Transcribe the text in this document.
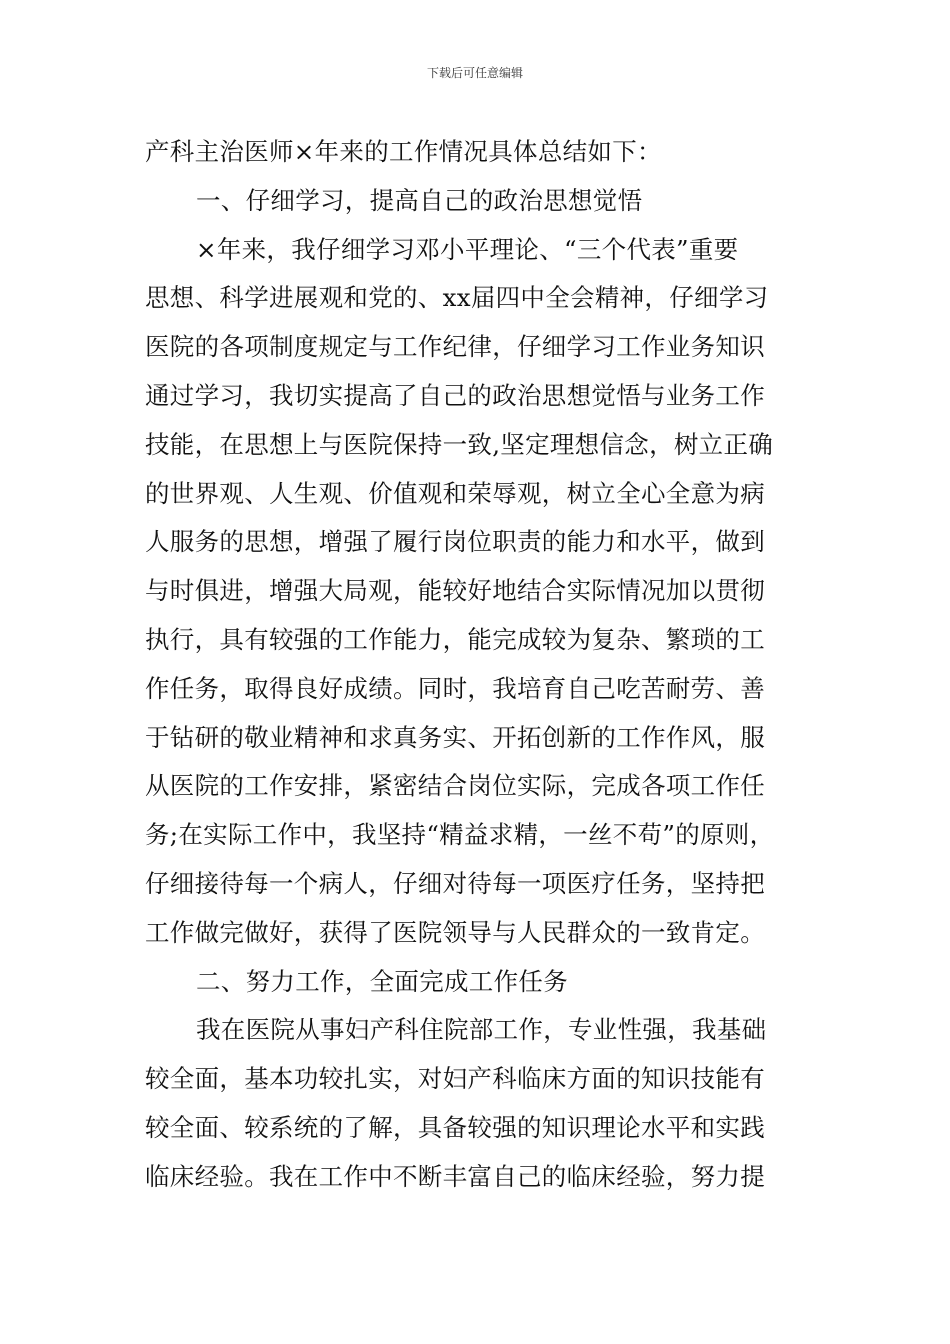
下载后可任意编辑
产科主治医师×年来的工作情况具体总结如下：
一、仔细学习，提高自己的政治思想觉悟
×年来，我仔细学习邓小平理论、“三个代表”重要
思想、科学进展观和党的、xx届四中全会精神，仔细学习
医院的各项制度规定与工作纪律，仔细学习工作业务知识
通过学习，我切实提高了自己的政治思想觉悟与业务工作
技能，在思想上与医院保持一致,坚定理想信念，树立正确
的世界观、人生观、价值观和荣辱观，树立全心全意为病
人服务的思想，增强了履行岗位职责的能力和水平，做到
与时俱进，增强大局观，能较好地结合实际情况加以贯彻
执行，具有较强的工作能力，能完成较为复杂、繁琐的工
作任务，取得良好成绩。同时，我培育自己吃苦耐劳、善
于钻研的敬业精神和求真务实、开拓创新的工作作风，服
从医院的工作安排，紧密结合岗位实际，完成各项工作任
务;在实际工作中，我坚持“精益求精，一丝不苟”的原则，
仔细接待每一个病人，仔细对待每一项医疗任务，坚持把
工作做完做好，获得了医院领导与人民群众的一致肯定。
二、努力工作，全面完成工作任务
我在医院从事妇产科住院部工作，专业性强，我基础
较全面，基本功较扎实，对妇产科临床方面的知识技能有
较全面、较系统的了解，具备较强的知识理论水平和实践
临床经验。我在工作中不断丰富自己的临床经验，努力提
